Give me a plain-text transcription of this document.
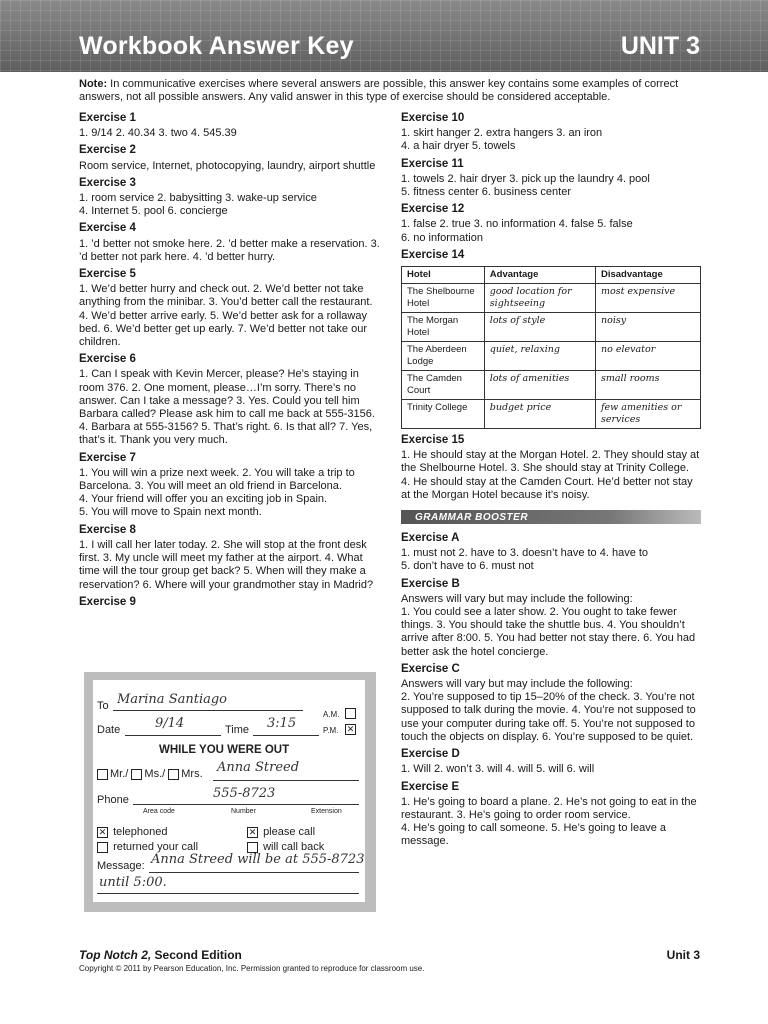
Workbook Answer Key	UNIT 3
Note: In communicative exercises where several answers are possible, this answer key contains some examples of correct answers, not all possible answers. Any valid answer in this type of exercise should be considered acceptable.
Exercise 1

1. 9/14 2. 40.34 3. two 4. 545.39

Exercise 2

Room service, Internet, photocopying, laundry, airport shuttle

Exercise 3

1. room service 2. babysitting 3. wake-up service
4. Internet 5. pool 6. concierge

Exercise 4

1. ’d better not smoke here. 2. ’d better make a reservation. 3. ’d better not park here. 4. ’d better hurry.

Exercise 5

1. We’d better hurry and check out. 2. We’d better not take anything from the minibar. 3. You’d better call the restaurant. 4. We’d better arrive early. 5. We’d better ask for a rollaway bed. 6. We’d better get up early. 7. We’d better not take our children.

Exercise 6

1. Can I speak with Kevin Mercer, please? He’s staying in room 376. 2. One moment, please…I’m sorry. There’s no answer. Can I take a message? 3. Yes. Could you tell him Barbara called? Please ask him to call me back at 555-3156. 4. Barbara at 555-3156? 5. That’s right. 6. Is that all? 7. Yes, that’s it. Thank you very much.

Exercise 7

1. You will win a prize next week. 2. You will take a trip to Barcelona. 3. You will meet an old friend in Barcelona.
4. Your friend will offer you an exciting job in Spain.
5. You will move to Spain next month.

Exercise 8

1. I will call her later today. 2. She will stop at the front desk first. 3. My uncle will meet my father at the airport. 4. What time will the tour group get back? 5. When will they make a reservation? 6. Where will your grandmother stay in Madrid?

Exercise 9
Exercise 10

1. skirt hanger 2. extra hangers 3. an iron
4. a hair dryer 5. towels

Exercise 11

1. towels 2. hair dryer 3. pick up the laundry 4. pool
5. fitness center 6. business center

Exercise 12

1. false 2. true 3. no information 4. false 5. false
6. no information

Exercise 14
Hotel	Advantage	Disadvantage
The Shelbourne Hotel	good location for sightseeing	most expensive
The Morgan Hotel	lots of style	noisy
The Aberdeen Lodge	quiet, relaxing	no elevator
The Camden Court	lots of amenities	small rooms
Trinity College	budget price	few amenities or services
Exercise 15

1. He should stay at the Morgan Hotel. 2. They should stay at the Shelbourne Hotel. 3. She should stay at Trinity College. 4. He should stay at the Camden Court. He’d better not stay at the Morgan Hotel because it’s noisy.

GRAMMAR BOOSTER
Exercise A

1. must not 2. have to 3. doesn’t have to 4. have to
5. don’t have to 6. must not

Exercise B

Answers will vary but may include the following:
1. You could see a later show. 2. You ought to take fewer things. 3. You should take the shuttle bus. 4. You shouldn’t arrive after 8:00. 5. You had better not stay there. 6. You had better ask the hotel concierge.

Exercise C

Answers will vary but may include the following:
2. You’re supposed to tip 15–20% of the check. 3. You’re not supposed to talk during the movie. 4. You’re not supposed to use your computer during take off. 5. You’re not supposed to touch the objects on display. 6. You’re supposed to be quiet.

Exercise D

1. Will 2. won’t 3. will 4. will 5. will 6. will

Exercise E

1. He’s going to board a plane. 2. He’s not going to eat in the restaurant. 3. He’s going to order room service.
4. He’s going to call someone. 5. He’s going to leave a message.

To Marina Santiago
Date	9/14	Time 3:15
A.M.
P.M. ✕
WHILE YOU WERE OUT
Mr./ Ms./ Mrs. Anna Streed
Phone	555-8723
Area code	Number	Extension
✕ telephoned	✕ please call
returned your call	will call back
Message: Anna Streed will be at 555-8723
until 5:00.
Top Notch 2, Second Edition
Copyright © 2011 by Pearson Education, Inc. Permission granted to reproduce for classroom use.
Unit 3
